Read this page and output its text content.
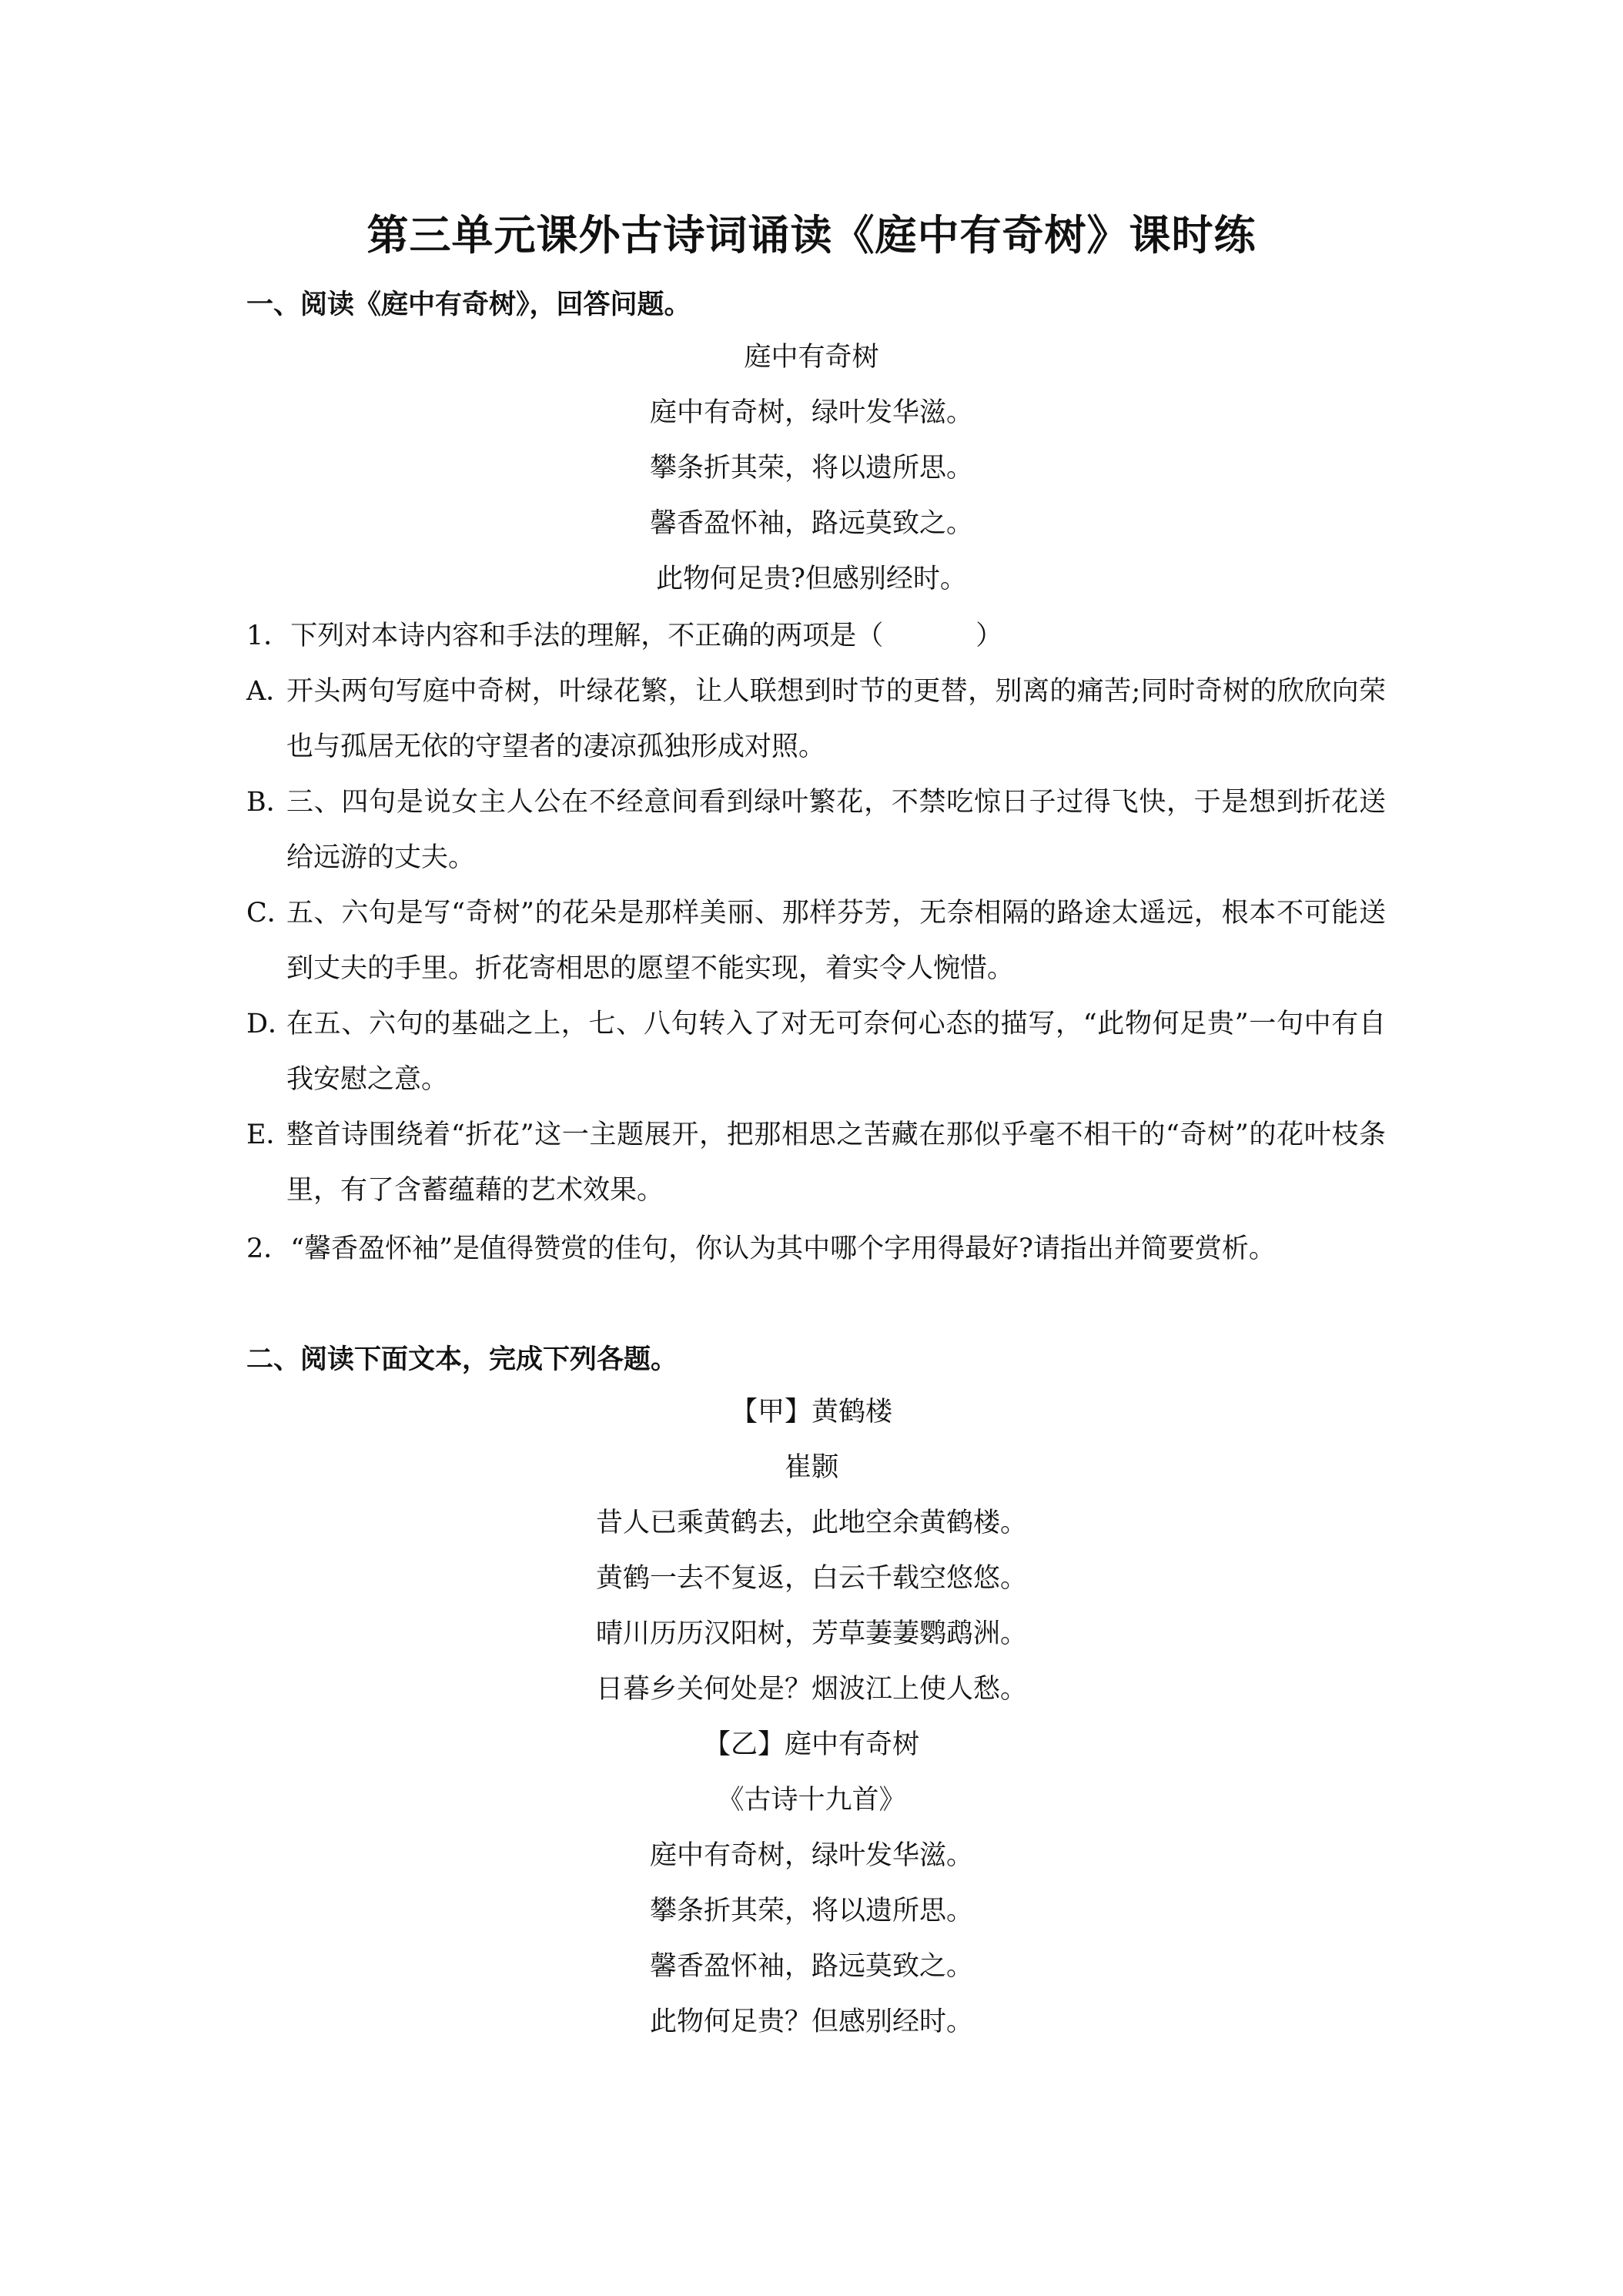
第三单元课外古诗词诵读《庭中有奇树》课时练
一、阅读《庭中有奇树》，回答问题。
庭中有奇树
庭中有奇树，绿叶发华滋。
攀条折其荣，将以遗所思。
馨香盈怀袖，路远莫致之。
此物何足贵?但感别经时。
1．下列对本诗内容和手法的理解，不正确的两项是（	）
A．
开头两句写庭中奇树，叶绿花繁，让人联想到时节的更替，别离的痛苦;同时奇树的欣欣向荣也与孤居无依的守望者的凄凉孤独形成对照。
B．
三、四句是说女主人公在不经意间看到绿叶繁花，不禁吃惊日子过得飞快，于是想到折花送给远游的丈夫。
C．
五、六句是写“奇树”的花朵是那样美丽、那样芬芳，无奈相隔的路途太遥远，根本不可能送到丈夫的手里。折花寄相思的愿望不能实现，着实令人惋惜。
D．
在五、六句的基础之上，七、八句转入了对无可奈何心态的描写，“此物何足贵”一句中有自我安慰之意。
E．
整首诗围绕着“折花”这一主题展开，把那相思之苦藏在那似乎毫不相干的“奇树”的花叶枝条里，有了含蓄蕴藉的艺术效果。
2．“馨香盈怀袖”是值得赞赏的佳句，你认为其中哪个字用得最好?请指出并简要赏析。
二、阅读下面文本，完成下列各题。
【甲】黄鹤楼
崔颢
昔人已乘黄鹤去，此地空余黄鹤楼。
黄鹤一去不复返，白云千载空悠悠。
晴川历历汉阳树，芳草萋萋鹦鹉洲。
日暮乡关何处是？烟波江上使人愁。
【乙】庭中有奇树
《古诗十九首》
庭中有奇树，绿叶发华滋。
攀条折其荣，将以遗所思。
馨香盈怀袖，路远莫致之。
此物何足贵？但感别经时。
